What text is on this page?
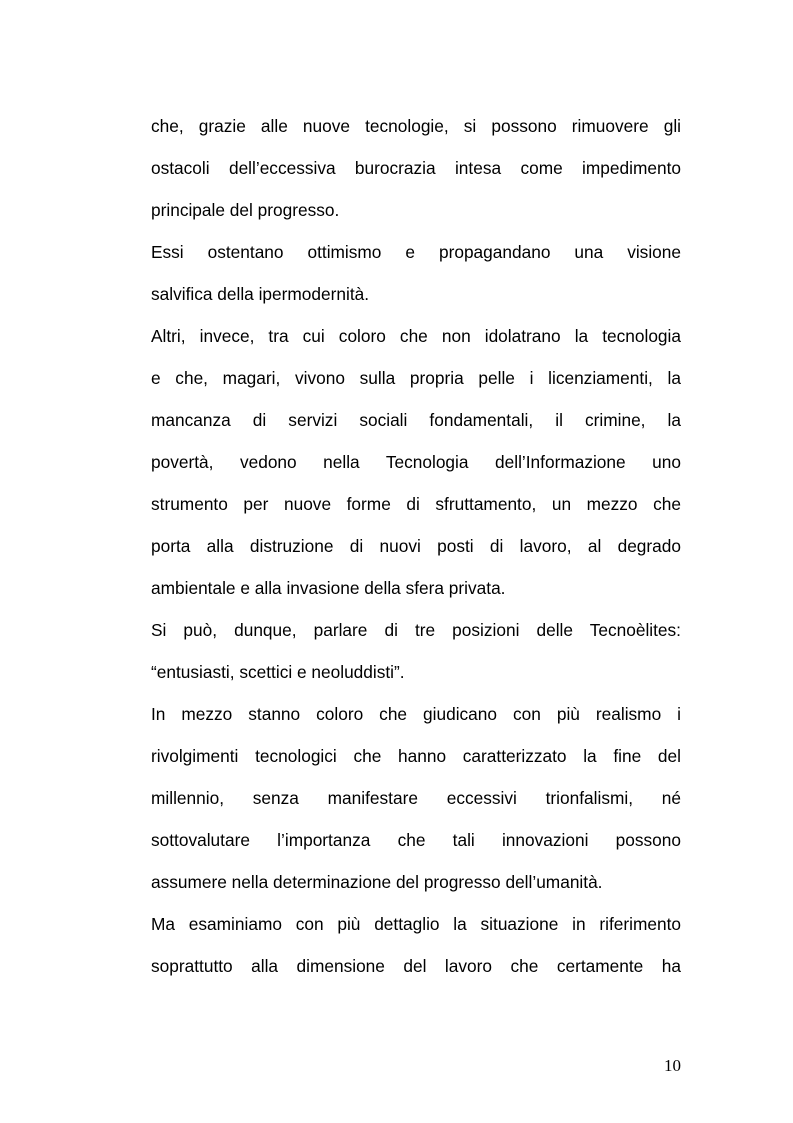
che, grazie alle nuove tecnologie, si possono rimuovere gli
ostacoli dell’eccessiva burocrazia intesa come impedimento
principale del progresso.
Essi ostentano ottimismo e propagandano una visione
salvifica della ipermodernità.
Altri, invece, tra cui coloro che non idolatrano la tecnologia
e che, magari, vivono sulla propria pelle i licenziamenti, la
mancanza di servizi sociali fondamentali, il crimine, la
povertà, vedono nella Tecnologia dell’Informazione uno
strumento per nuove forme di sfruttamento, un mezzo che
porta alla distruzione di nuovi posti di lavoro, al degrado
ambientale e alla invasione della sfera privata.
Si può, dunque, parlare di tre posizioni delle Tecnoèlites:
“entusiasti, scettici e neoluddisti”.
In mezzo stanno coloro che giudicano con più realismo i
rivolgimenti tecnologici che hanno caratterizzato la fine del
millennio, senza manifestare eccessivi trionfalismi, né
sottovalutare l’importanza che tali innovazioni possono
assumere nella determinazione del progresso dell’umanità.
Ma esaminiamo con più dettaglio la situazione in riferimento
soprattutto alla dimensione del lavoro che certamente ha
10
